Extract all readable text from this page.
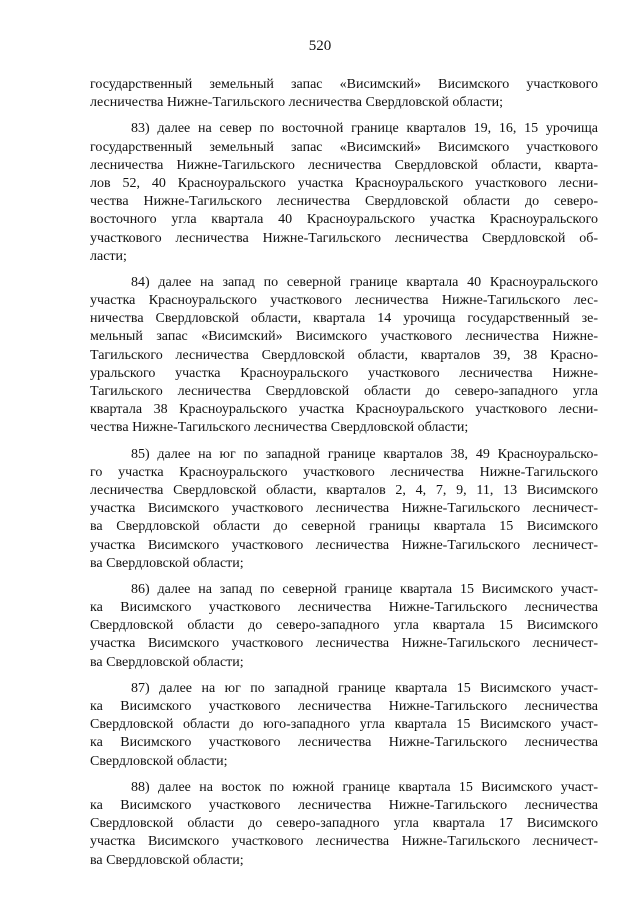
520
государственный земельный запас «Висимский» Висимского участкового
лесничества Нижне-Тагильского лесничества Свердловской области;
83) далее на север по восточной границе кварталов 19, 16, 15 урочища
государственный земельный запас «Висимский» Висимского участкового
лесничества Нижне-Тагильского лесничества Свердловской области, кварта-
лов 52, 40 Красноуральского участка Красноуральского участкового лесни-
чества Нижне-Тагильского лесничества Свердловской области до северо-
восточного угла квартала 40 Красноуральского участка Красноуральского
участкового лесничества Нижне-Тагильского лесничества Свердловской об-
ласти;
84) далее на запад по северной границе квартала 40 Красноуральского
участка Красноуральского участкового лесничества Нижне-Тагильского лес-
ничества Свердловской области, квартала 14 урочища государственный зе-
мельный запас «Висимский» Висимского участкового лесничества Нижне-
Тагильского лесничества Свердловской области, кварталов 39, 38 Красно-
уральского участка Красноуральского участкового лесничества Нижне-
Тагильского лесничества Свердловской области до северо-западного угла
квартала 38 Красноуральского участка Красноуральского участкового лесни-
чества Нижне-Тагильского лесничества Свердловской области;
85) далее на юг по западной границе кварталов 38, 49 Красноуральско-
го участка Красноуральского участкового лесничества Нижне-Тагильского
лесничества Свердловской области, кварталов 2, 4, 7, 9, 11, 13 Висимского
участка Висимского участкового лесничества Нижне-Тагильского лесничест-
ва Свердловской области до северной границы квартала 15 Висимского
участка Висимского участкового лесничества Нижне-Тагильского лесничест-
ва Свердловской области;
86) далее на запад по северной границе квартала 15 Висимского участ-
ка Висимского участкового лесничества Нижне-Тагильского лесничества
Свердловской области до северо-западного угла квартала 15 Висимского
участка Висимского участкового лесничества Нижне-Тагильского лесничест-
ва Свердловской области;
87) далее на юг по западной границе квартала 15 Висимского участ-
ка Висимского участкового лесничества Нижне-Тагильского лесничества
Свердловской области до юго-западного угла квартала 15 Висимского участ-
ка Висимского участкового лесничества Нижне-Тагильского лесничества
Свердловской области;
88) далее на восток по южной границе квартала 15 Висимского участ-
ка Висимского участкового лесничества Нижне-Тагильского лесничества
Свердловской области до северо-западного угла квартала 17 Висимского
участка Висимского участкового лесничества Нижне-Тагильского лесничест-
ва Свердловской области;
